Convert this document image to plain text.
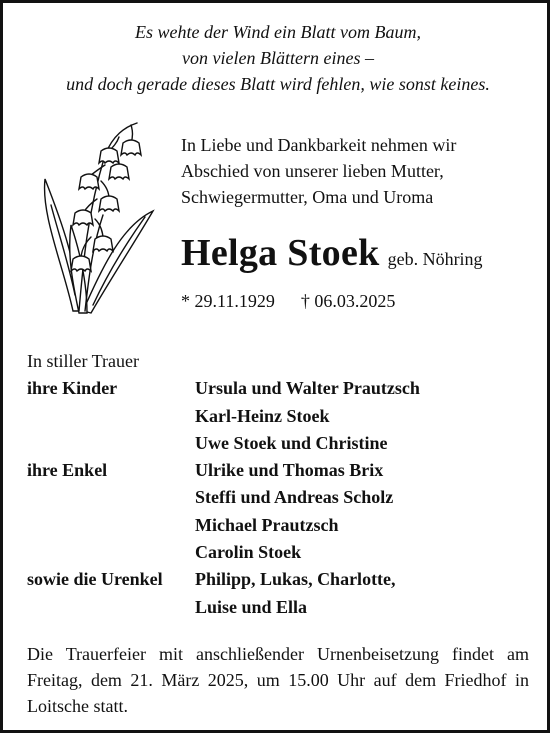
Es wehte der Wind ein Blatt vom Baum,
von vielen Blättern eines –
und doch gerade dieses Blatt wird fehlen, wie sonst keines.
In Liebe und Dankbarkeit nehmen wir
Abschied von unserer lieben Mutter,
Schwiegermutter, Oma und Uroma
Helga Stoek geb. Nöhring
* 29.11.1929 † 06.03.2025
In stiller Trauer
ihre Kinder	Ursula und Walter Prautzsch
Karl-Heinz Stoek
Uwe Stoek und Christine
ihre Enkel	Ulrike und Thomas Brix
Steffi und Andreas Scholz
Michael Prautzsch
Carolin Stoek
sowie die Urenkel	Philipp, Lukas, Charlotte,
Luise und Ella
Die Trauerfeier mit anschließender Urnenbeisetzung findet am Freitag, dem 21. März 2025, um 15.00 Uhr auf dem Friedhof in Loitsche statt.
